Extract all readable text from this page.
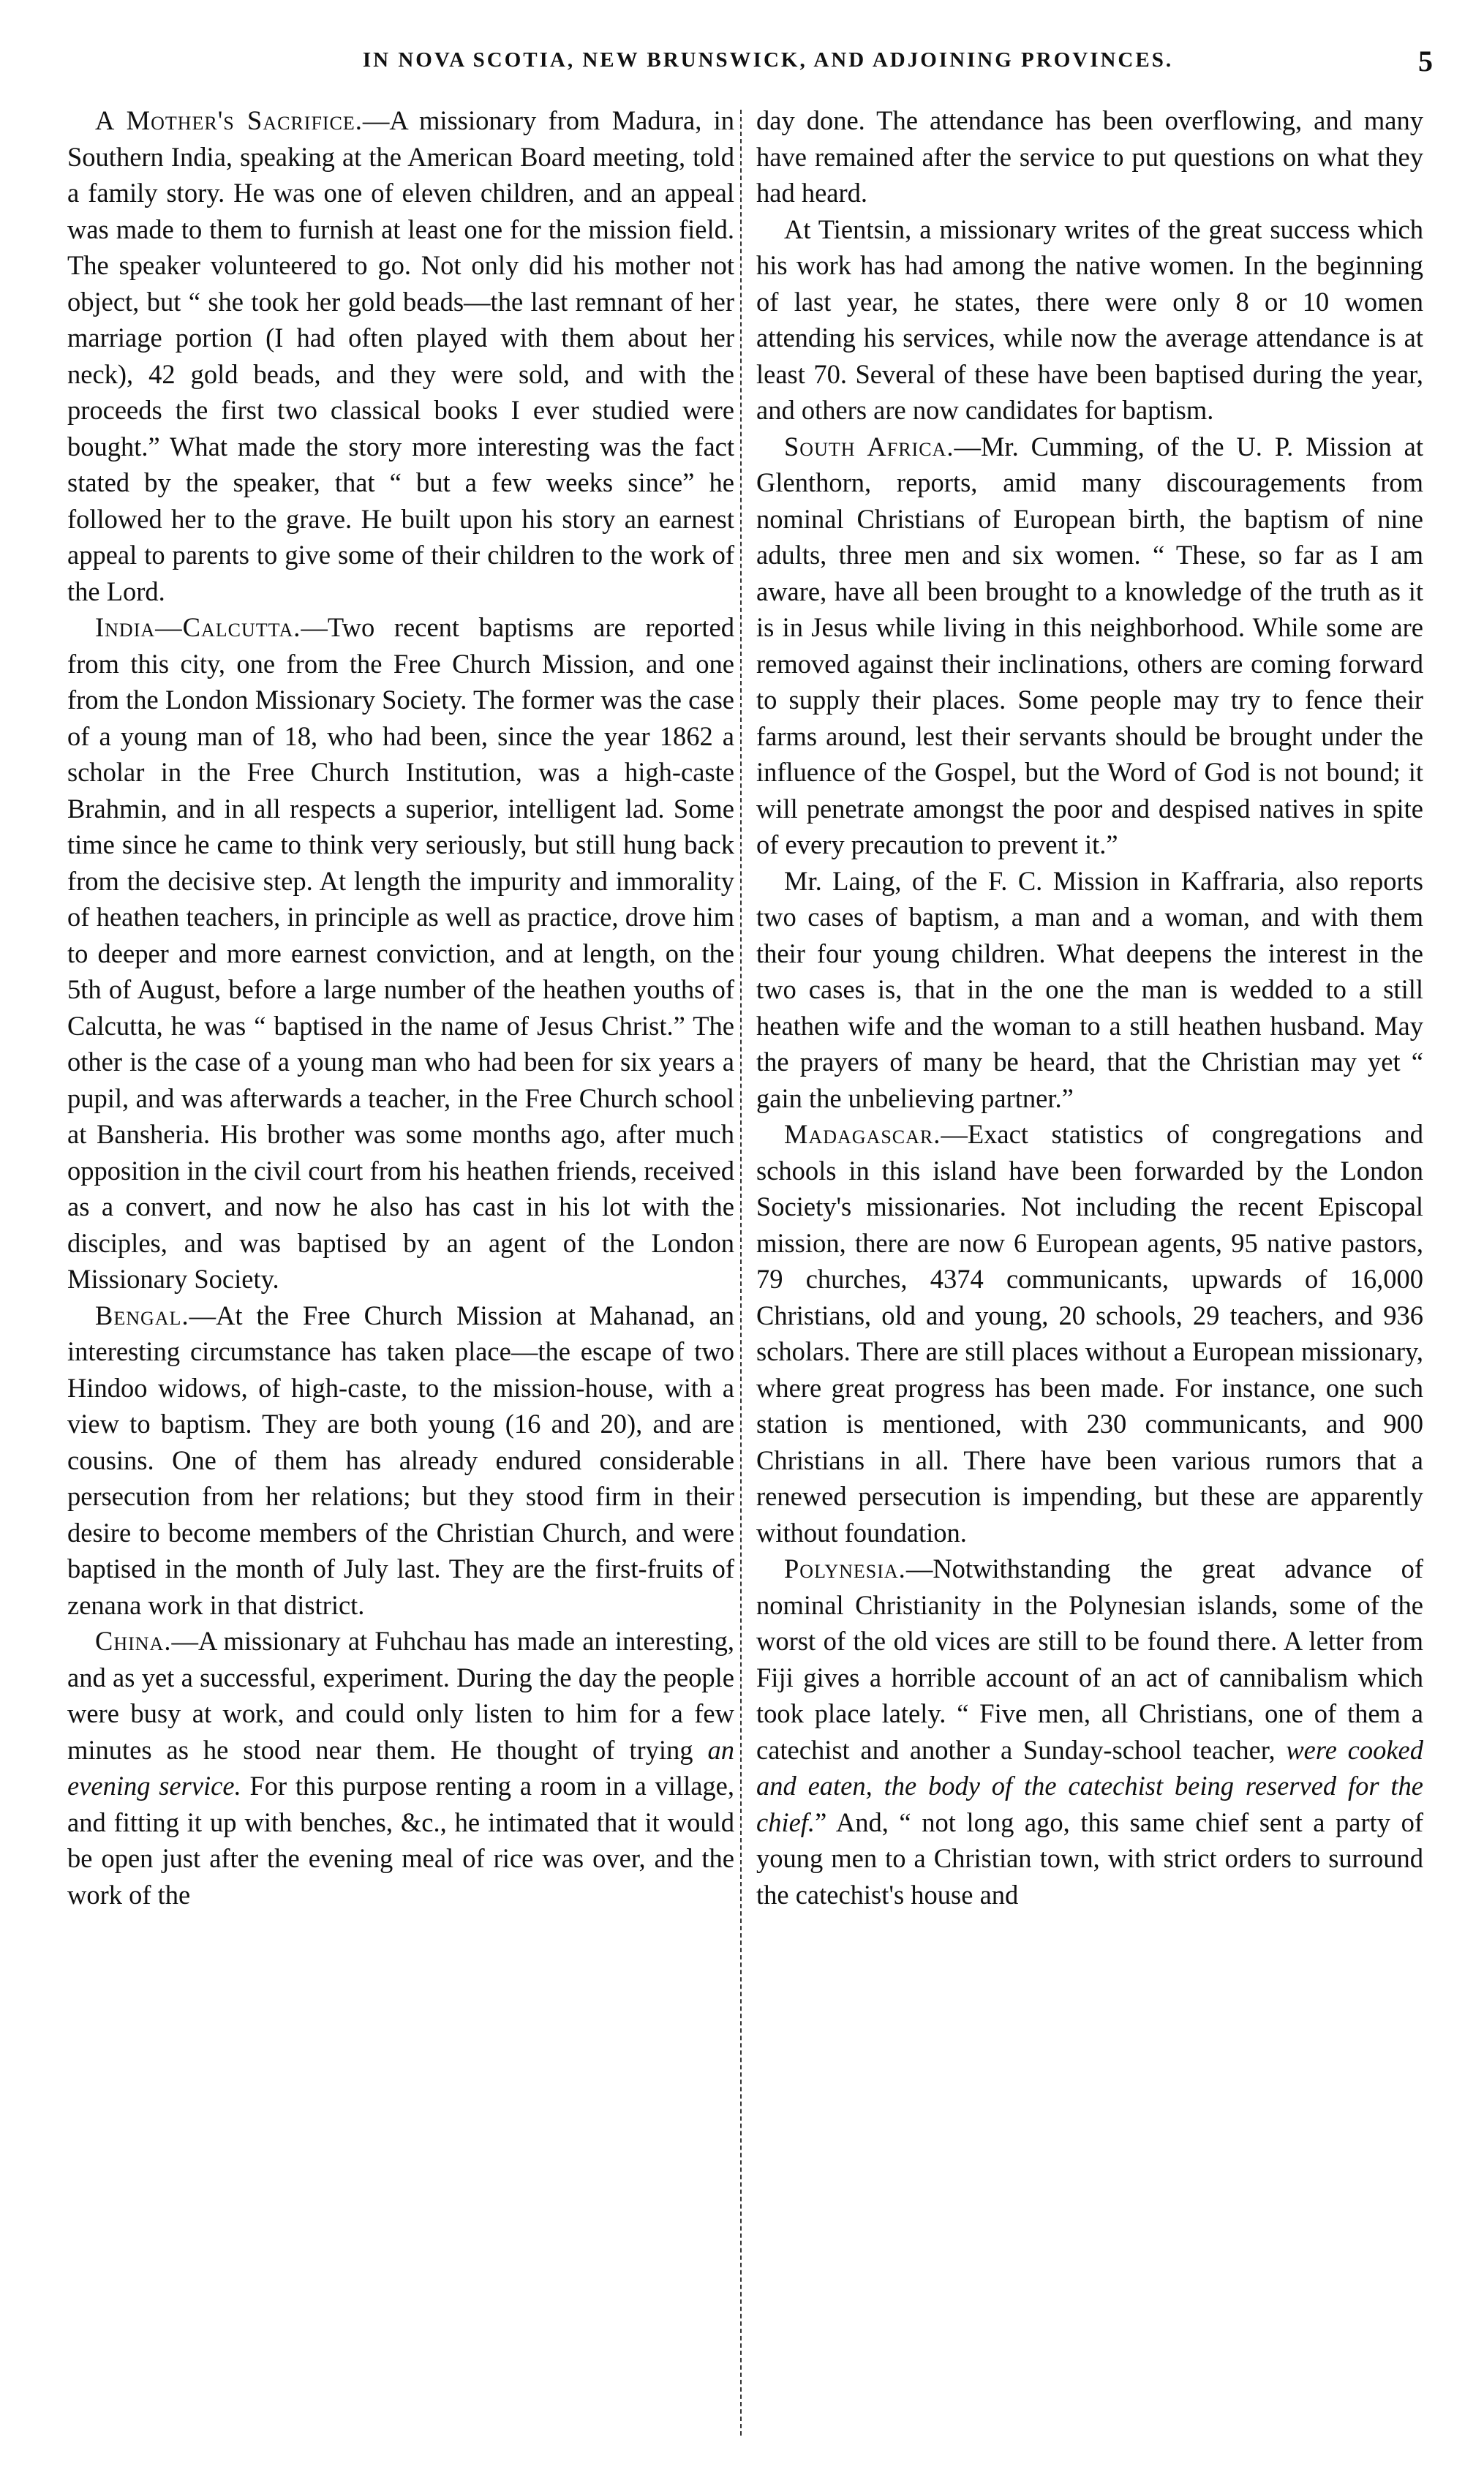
IN NOVA SCOTIA, NEW BRUNSWICK, AND ADJOINING PROVINCES.	5

A Mother's Sacrifice.—A missionary from Madura, in Southern India, speaking at the American Board meeting, told a family story. He was one of eleven children, and an appeal was made to them to furnish at least one for the mission field. The speaker volunteered to go. Not only did his mother not object, but “ she took her gold beads—the last remnant of her marriage portion (I had often played with them about her neck), 42 gold beads, and they were sold, and with the proceeds the first two classical books I ever studied were bought.” What made the story more interesting was the fact stated by the speaker, that “ but a few weeks since” he followed her to the grave. He built upon his story an earnest appeal to parents to give some of their children to the work of the Lord.

India—Calcutta.—Two recent baptisms are reported from this city, one from the Free Church Mission, and one from the London Missionary Society. The former was the case of a young man of 18, who had been, since the year 1862 a scholar in the Free Church Institution, was a high-caste Brahmin, and in all respects a superior, intelligent lad. Some time since he came to think very seriously, but still hung back from the decisive step. At length the impurity and immorality of heathen teachers, in principle as well as practice, drove him to deeper and more earnest conviction, and at length, on the 5th of August, before a large number of the heathen youths of Calcutta, he was “ baptised in the name of Jesus Christ.” The other is the case of a young man who had been for six years a pupil, and was afterwards a teacher, in the Free Church school at Bansheria. His brother was some months ago, after much opposition in the civil court from his heathen friends, received as a convert, and now he also has cast in his lot with the disciples, and was baptised by an agent of the London Missionary Society.

Bengal.—At the Free Church Mission at Mahanad, an interesting circumstance has taken place—the escape of two Hindoo widows, of high-caste, to the mission-house, with a view to baptism. They are both young (16 and 20), and are cousins. One of them has already endured considerable persecution from her relations; but they stood firm in their desire to become members of the Christian Church, and were baptised in the month of July last. They are the first-fruits of zenana work in that district.

China.—A missionary at Fuhchau has made an interesting, and as yet a successful, experiment. During the day the people were busy at work, and could only listen to him for a few minutes as he stood near them. He thought of trying an evening service. For this purpose renting a room in a village, and fitting it up with benches, &c., he intimated that it would be open just after the evening meal of rice was over, and the work of the

day done. The attendance has been overflowing, and many have remained after the service to put questions on what they had heard.

At Tientsin, a missionary writes of the great success which his work has had among the native women. In the beginning of last year, he states, there were only 8 or 10 women attending his services, while now the average attendance is at least 70. Several of these have been baptised during the year, and others are now candidates for baptism.

South Africa.—Mr. Cumming, of the U. P. Mission at Glenthorn, reports, amid many discouragements from nominal Christians of European birth, the baptism of nine adults, three men and six women. “ These, so far as I am aware, have all been brought to a knowledge of the truth as it is in Jesus while living in this neighborhood. While some are removed against their inclinations, others are coming forward to supply their places. Some people may try to fence their farms around, lest their servants should be brought under the influence of the Gospel, but the Word of God is not bound; it will penetrate amongst the poor and despised natives in spite of every precaution to prevent it.”

Mr. Laing, of the F. C. Mission in Kaffraria, also reports two cases of baptism, a man and a woman, and with them their four young children. What deepens the interest in the two cases is, that in the one the man is wedded to a still heathen wife and the woman to a still heathen husband. May the prayers of many be heard, that the Christian may yet “ gain the unbelieving partner.”

Madagascar.—Exact statistics of congregations and schools in this island have been forwarded by the London Society's missionaries. Not including the recent Episcopal mission, there are now 6 European agents, 95 native pastors, 79 churches, 4374 communicants, upwards of 16,000 Christians, old and young, 20 schools, 29 teachers, and 936 scholars. There are still places without a European missionary, where great progress has been made. For instance, one such station is mentioned, with 230 communicants, and 900 Christians in all. There have been various rumors that a renewed persecution is impending, but these are apparently without foundation.

Polynesia.—Notwithstanding the great advance of nominal Christianity in the Polynesian islands, some of the worst of the old vices are still to be found there. A letter from Fiji gives a horrible account of an act of cannibalism which took place lately. “ Five men, all Christians, one of them a catechist and another a Sunday-school teacher, were cooked and eaten, the body of the catechist being reserved for the chief.” And, “ not long ago, this same chief sent a party of young men to a Christian town, with strict orders to surround the catechist's house and
